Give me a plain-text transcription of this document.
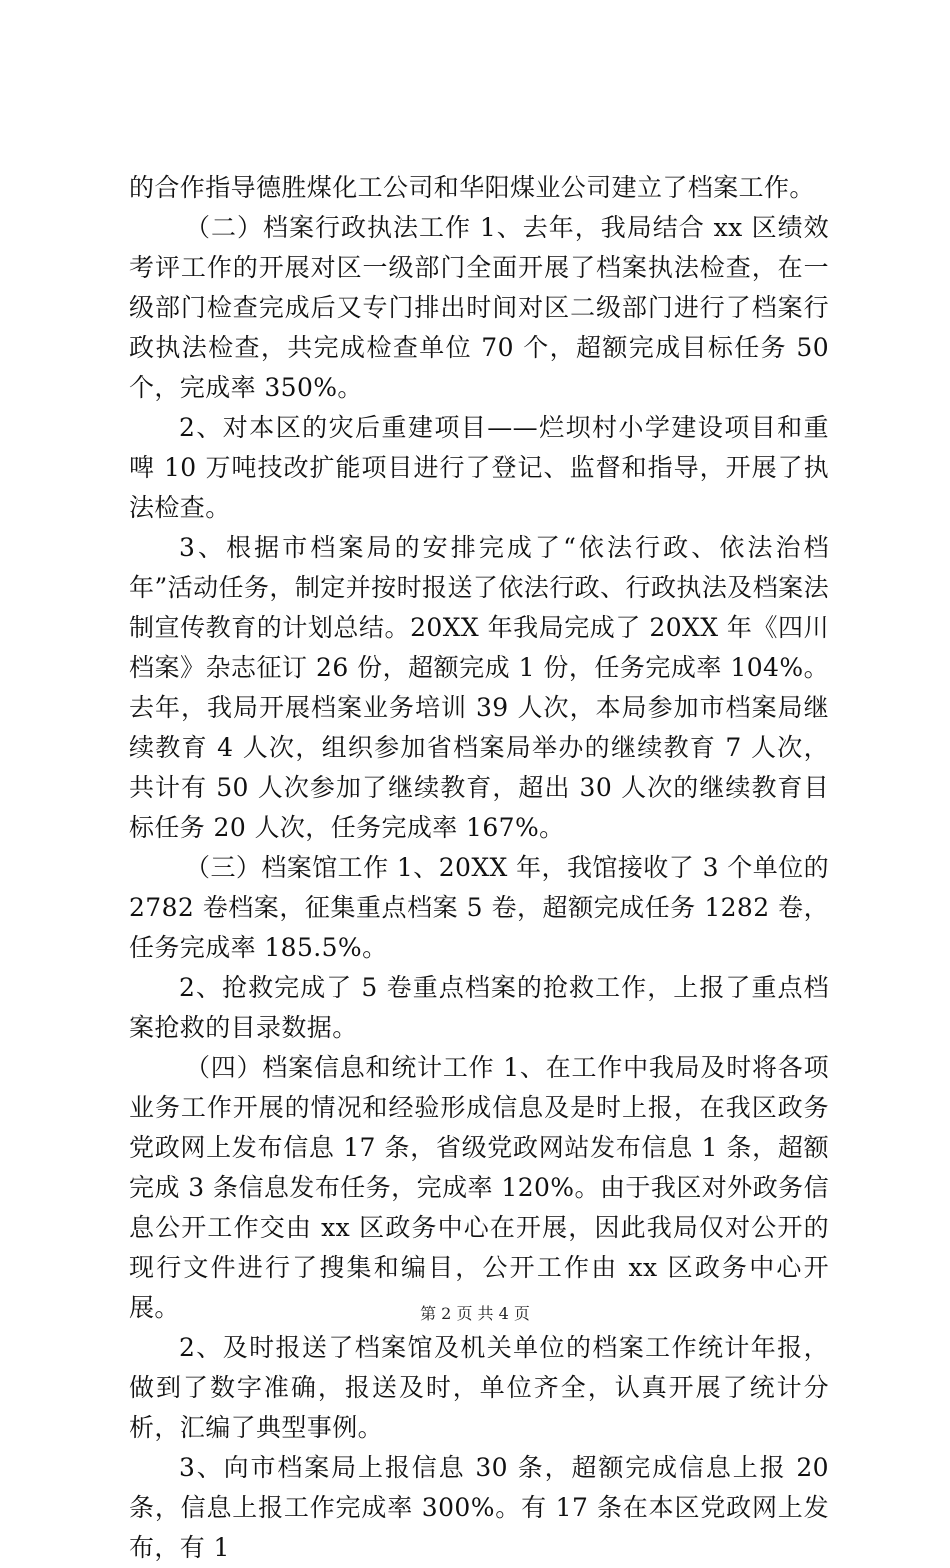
的合作指导德胜煤化工公司和华阳煤业公司建立了档案工作。

（二）档案行政执法工作 1、去年，我局结合 xx 区绩效考评工作的开展对区一级部门全面开展了档案执法检查，在一级部门检查完成后又专门排出时间对区二级部门进行了档案行政执法检查，共完成检查单位 70 个，超额完成目标任务 50 个，完成率 350%。

2、对本区的灾后重建项目——烂坝村小学建设项目和重啤 10 万吨技改扩能项目进行了登记、监督和指导，开展了执法检查。

3、根据市档案局的安排完成了“依法行政、依法治档年”活动任务，制定并按时报送了依法行政、行政执法及档案法制宣传教育的计划总结。20XX 年我局完成了 20XX 年《四川档案》杂志征订 26 份，超额完成 1 份，任务完成率 104%。去年，我局开展档案业务培训 39 人次，本局参加市档案局继续教育 4 人次，组织参加省档案局举办的继续教育 7 人次，共计有 50 人次参加了继续教育，超出 30 人次的继续教育目标任务 20 人次，任务完成率 167%。

（三）档案馆工作 1、20XX 年，我馆接收了 3 个单位的 2782 卷档案，征集重点档案 5 卷，超额完成任务 1282 卷，任务完成率 185.5%。

2、抢救完成了 5 卷重点档案的抢救工作，上报了重点档案抢救的目录数据。

（四）档案信息和统计工作 1、在工作中我局及时将各项业务工作开展的情况和经验形成信息及是时上报，在我区政务党政网上发布信息 17 条，省级党政网站发布信息 1 条，超额完成 3 条信息发布任务，完成率 120%。由于我区对外政务信息公开工作交由 xx 区政务中心在开展，因此我局仅对公开的现行文件进行了搜集和编目，公开工作由 xx 区政务中心开展。

2、及时报送了档案馆及机关单位的档案工作统计年报，做到了数字准确，报送及时，单位齐全，认真开展了统计分析，汇编了典型事例。

3、向市档案局上报信息 30 条，超额完成信息上报 20 条，信息上报工作完成率 300%。有 17 条在本区党政网上发布，有 1

第 2 页 共 4 页
